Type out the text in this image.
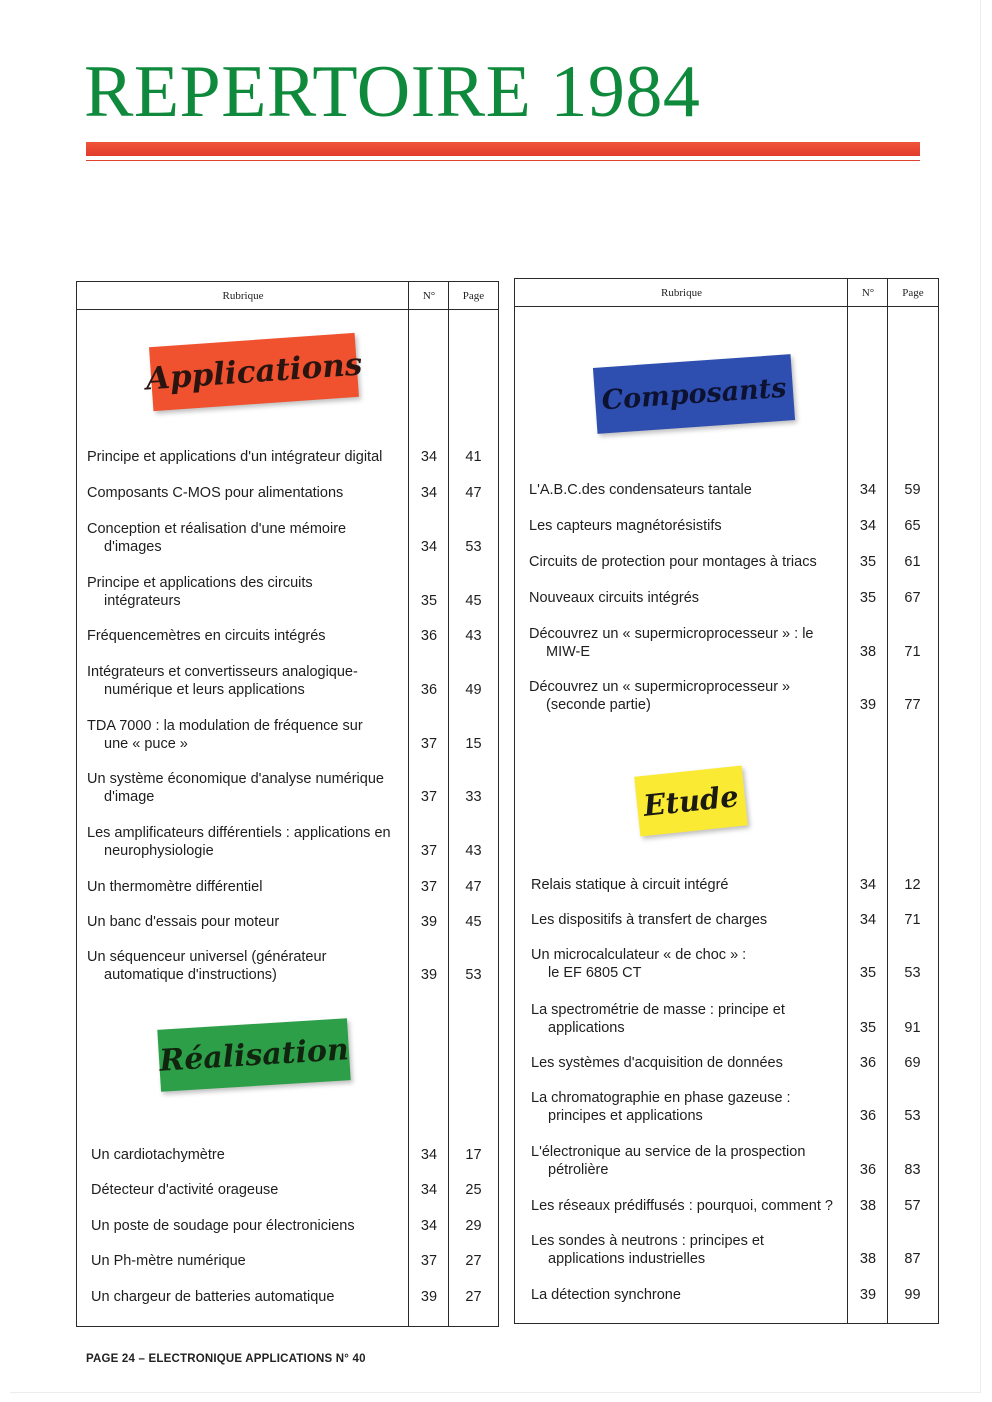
REPERTOIRE 1984
Rubrique	N°	Page
Applications
Principe et applications d'un intégrateur digital	34	41
Composants C-MOS pour alimentations	34	47
Conception et réalisation d'une mémoire
d'images	34	53
Principe et applications des circuits
intégrateurs	35	45
Fréquencemètres en circuits intégrés	36	43
Intégrateurs et convertisseurs analogique-
numérique et leurs applications	36	49
TDA 7000 : la modulation de fréquence sur
une « puce »	37	15
Un système économique d'analyse numérique
d'image	37	33
Les amplificateurs différentiels : applications en
neurophysiologie	37	43
Un thermomètre différentiel	37	47
Un banc d'essais pour moteur	39	45
Un séquenceur universel (générateur
automatique d'instructions)	39	53
Réalisation
Un cardiotachymètre	34	17
Détecteur d'activité orageuse	34	25
Un poste de soudage pour électroniciens	34	29
Un Ph-mètre numérique	37	27
Un chargeur de batteries automatique	39	27
Rubrique	N°	Page
Composants
L'A.B.C.des condensateurs tantale	34	59
Les capteurs magnétorésistifs	34	65
Circuits de protection pour montages à triacs	35	61
Nouveaux circuits intégrés	35	67
Découvrez un « supermicroprocesseur » : le
MIW-E	38	71
Découvrez un « supermicroprocesseur »
(seconde partie)	39	77
Etude
Relais statique à circuit intégré	34	12
Les dispositifs à transfert de charges	34	71
Un microcalculateur « de choc » :
le EF 6805 CT	35	53
La spectrométrie de masse : principe et
applications	35	91
Les systèmes d'acquisition de données	36	69
La chromatographie en phase gazeuse :
principes et applications	36	53
L'électronique au service de la prospection
pétrolière	36	83
Les réseaux prédiffusés : pourquoi, comment ?	38	57
Les sondes à neutrons : principes et
applications industrielles	38	87
La détection synchrone	39	99
PAGE 24 – ELECTRONIQUE APPLICATIONS N° 40
